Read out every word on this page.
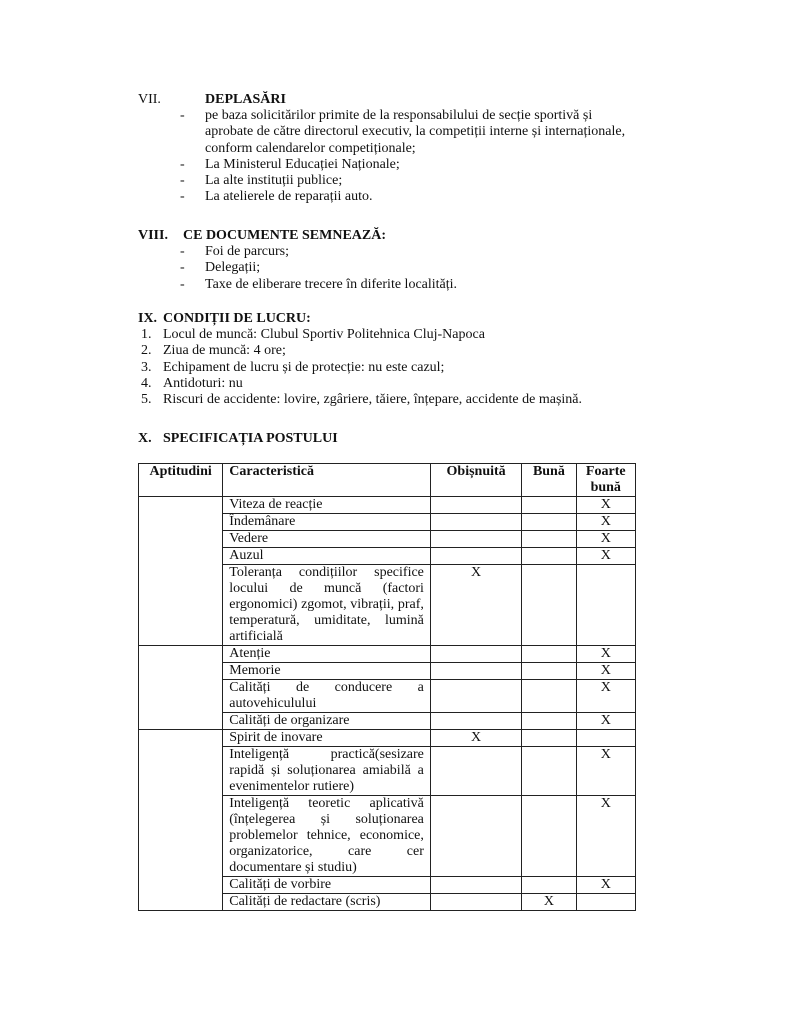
VII.	DEPLASĂRI
- pe baza solicitărilor primite de la responsabilului de secție sportivă și aprobate de către directorul executiv, la competiții interne și internaționale, conform calendarelor competiționale;
- La Ministerul Educației Naționale;
- La alte instituții publice;
- La atelierele de reparații auto.
VIII. CE DOCUMENTE SEMNEAZĂ:
- Foi de parcurs;
- Delegații;
- Taxe de eliberare trecere în diferite localități.
IX. CONDIȚII DE LUCRU:
1. Locul de muncă: Clubul Sportiv Politehnica Cluj-Napoca
2. Ziua de muncă: 4 ore;
3. Echipament de lucru și de protecție: nu este cazul;
4. Antidoturi: nu
5. Riscuri de accidente: lovire, zgâriere, tăiere, înțepare, accidente de mașină.
X. SPECIFICAȚIA POSTULUI
Aptitudini	Caracteristică	Obișnuită	Bună	Foarte bună
	Viteza de reacție			X
	Îndemânare			X
	Vedere			X
	Auzul			X
	Toleranța condițiilor specifice locului de muncă (factori ergonomici) zgomot, vibrații, praf, temperatură, umiditate, lumină artificială	X		
	Atenție			X
	Memorie			X
	Calități de conducere a autovehiculului			X
	Calități de organizare			X
	Spirit de inovare	X		
	Inteligență practică(sesizare rapidă și soluționarea amiabilă a evenimentelor rutiere)			X
	Inteligență teoretic aplicativă (înțelegerea și soluționarea problemelor tehnice, economice, organizatorice, care cer documentare și studiu)			X
	Calități de vorbire			X
	Calități de redactare (scris)		X	
